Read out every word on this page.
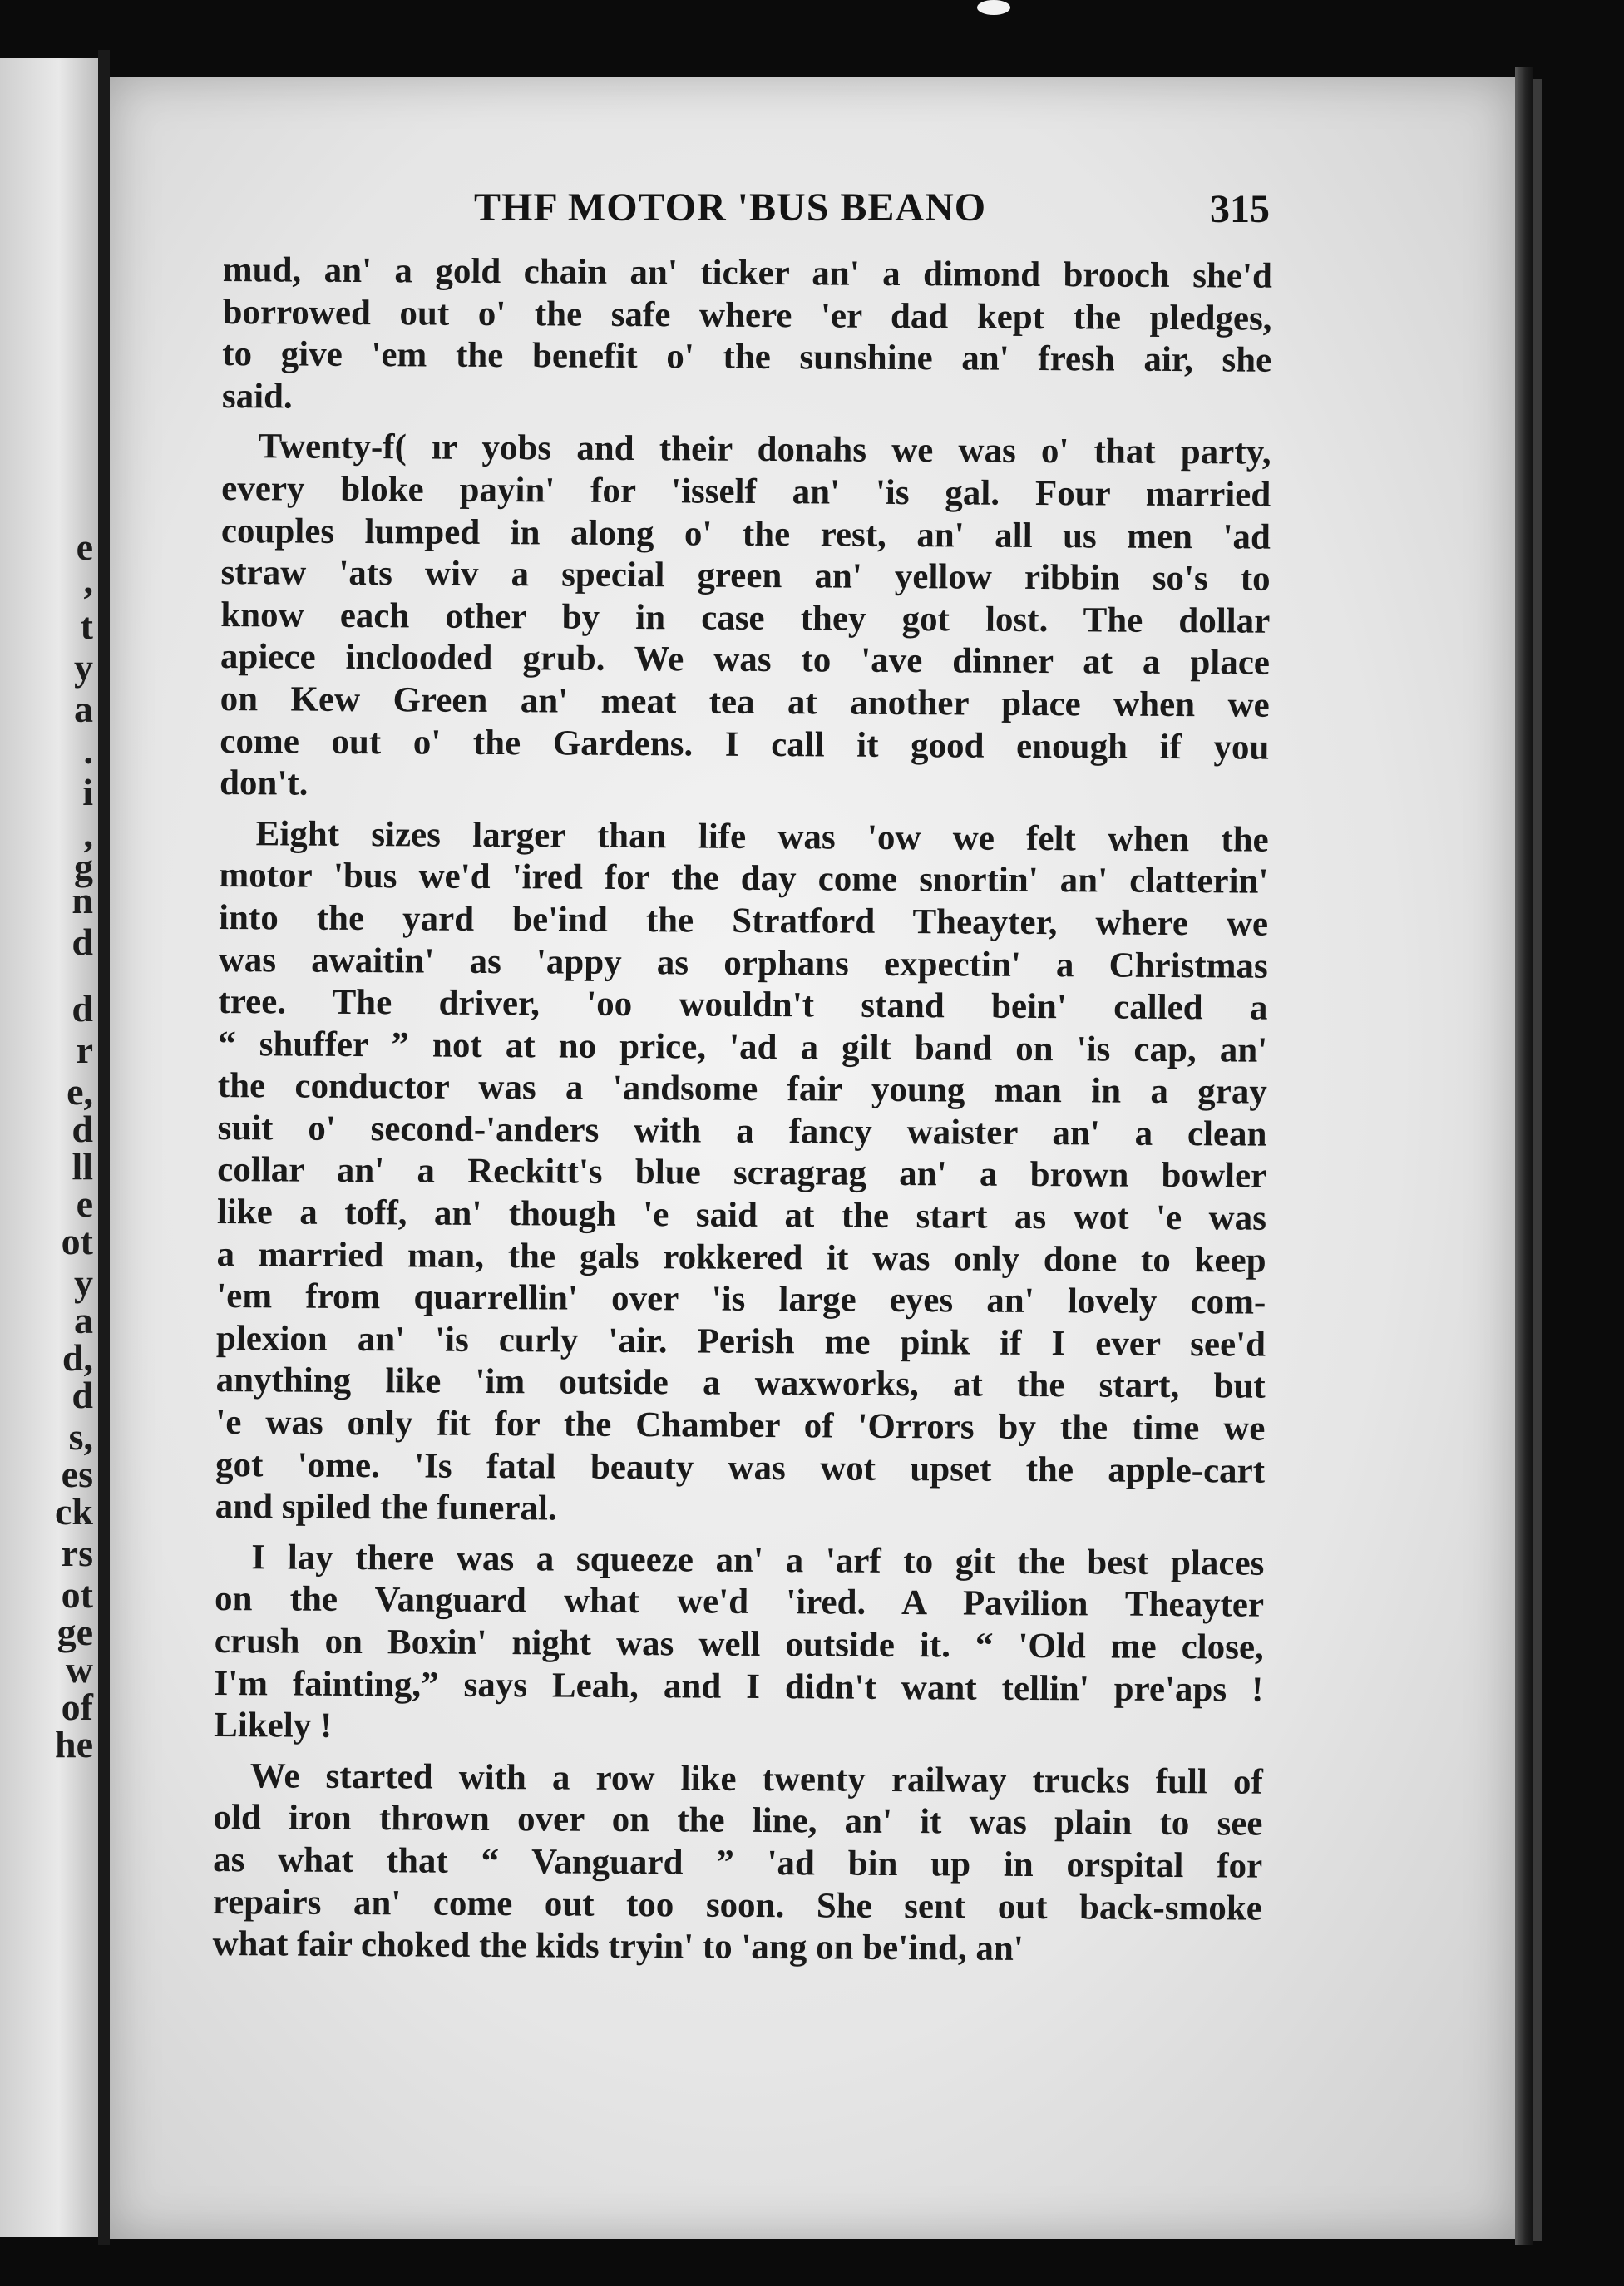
e
,
t
y
a
.
i
,
g
n
d
d
r
e,
d
ll
e
ot
y
a
d,
d
s,
es
ck
rs
ot
ge
w
of
he
THF MOTOR 'BUS BEANO	315
mud, an' a gold chain an' ticker an' a dimond brooch she'd
borrowed out o' the safe where 'er dad kept the pledges,
to give 'em the benefit o' the sunshine an' fresh air, she
said.
Twenty-f( ır yobs and their donahs we was o' that party,
every bloke payin' for 'isself an' 'is gal. Four married
couples lumped in along o' the rest, an' all us men 'ad
straw 'ats wiv a special green an' yellow ribbin so's to
know each other by in case they got lost. The dollar
apiece inclooded grub. We was to 'ave dinner at a place
on Kew Green an' meat tea at another place when we
come out o' the Gardens. I call it good enough if you
don't.
Eight sizes larger than life was 'ow we felt when the
motor 'bus we'd 'ired for the day come snortin' an' clatterin'
into the yard be'ind the Stratford Theayter, where we
was awaitin' as 'appy as orphans expectin' a Christmas
tree. The driver, 'oo wouldn't stand bein' called a
“ shuffer ” not at no price, 'ad a gilt band on 'is cap, an'
the conductor was a 'andsome fair young man in a gray
suit o' second-'anders with a fancy waister an' a clean
collar an' a Reckitt's blue scragrag an' a brown bowler
like a toff, an' though 'e said at the start as wot 'e was
a married man, the gals rokkered it was only done to keep
'em from quarrellin' over 'is large eyes an' lovely com-
plexion an' 'is curly 'air. Perish me pink if I ever see'd
anything like 'im outside a waxworks, at the start, but
'e was only fit for the Chamber of 'Orrors by the time we
got 'ome. 'Is fatal beauty was wot upset the apple-cart
and spiled the funeral.
I lay there was a squeeze an' a 'arf to git the best places
on the Vanguard what we'd 'ired. A Pavilion Theayter
crush on Boxin' night was well outside it. “ 'Old me close,
I'm fainting,” says Leah, and I didn't want tellin' pre'aps !
Likely !
We started with a row like twenty railway trucks full of
old iron thrown over on the line, an' it was plain to see
as what that “ Vanguard ” 'ad bin up in orspital for
repairs an' come out too soon. She sent out back-smoke
what fair choked the kids tryin' to 'ang on be'ind, an'
